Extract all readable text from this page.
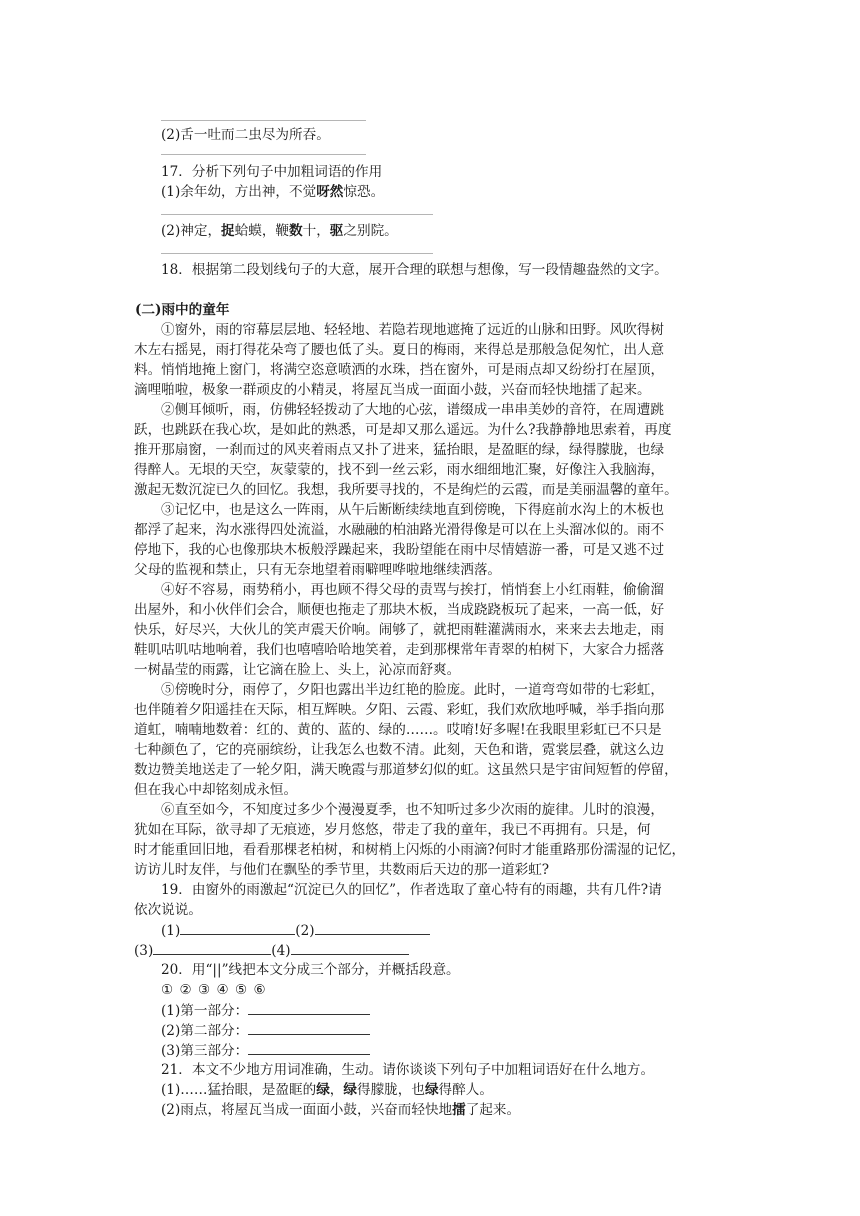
(2)舌一吐而二虫尽为所吞。
17．分析下列句子中加粗词语的作用
(1)余年幼，方出神，不觉呀然惊恐。
(2)神定，捉蛤蟆，鞭数十，驱之别院。
18．根据第二段划线句子的大意，展开合理的联想与想像，写一段情趣盎然的文字。
(二)雨中的童年
①窗外，雨的帘幕层层地、轻轻地、若隐若现地遮掩了远近的山脉和田野。风吹得树
木左右摇晃，雨打得花朵弯了腰也低了头。夏日的梅雨，来得总是那般急促匆忙，出人意
料。悄悄地掩上窗门，将满空恣意喷洒的水珠，挡在窗外，可是雨点却又纷纷打在屋顶，
滴哩啪啦，极象一群顽皮的小精灵，将屋瓦当成一面面小鼓，兴奋而轻快地擂了起来。
②侧耳倾听，雨，仿佛轻轻拨动了大地的心弦，谱缀成一串串美妙的音符，在周遭跳
跃，也跳跃在我心坎，是如此的熟悉，可是却又那么遥远。为什么?我静静地思索着，再度
推开那扇窗，一刹而过的风夹着雨点又扑了进来，猛抬眼，是盈眶的绿，绿得朦胧，也绿
得醉人。无垠的天空，灰蒙蒙的，找不到一丝云彩，雨水细细地汇聚，好像注入我脑海，
激起无数沉淀已久的回忆。我想，我所要寻找的，不是绚烂的云霞，而是美丽温馨的童年。
③记忆中，也是这么一阵雨，从午后断断续续地直到傍晚，下得庭前水沟上的木板也
都浮了起来，沟水涨得四处流溢，水融融的柏油路光滑得像是可以在上头溜冰似的。雨不
停地下，我的心也像那块木板般浮躁起来，我盼望能在雨中尽情嬉游一番，可是又逃不过
父母的监视和禁止，只有无奈地望着雨噼哩哗啦地继续洒落。
④好不容易，雨势稍小，再也顾不得父母的责骂与挨打，悄悄套上小红雨鞋，偷偷溜
出屋外，和小伙伴们会合，顺便也拖走了那块木板，当成跷跷板玩了起来，一高一低，好
快乐，好尽兴，大伙儿的笑声震天价响。闹够了，就把雨鞋灌满雨水，来来去去地走，雨
鞋叽咕叽咕地响着，我们也嘻嘻哈哈地笑着，走到那棵常年青翠的柏树下，大家合力摇落
一树晶莹的雨露，让它滴在脸上、头上，沁凉而舒爽。
⑤傍晚时分，雨停了，夕阳也露出半边红艳的脸庞。此时，一道弯弯如带的七彩虹，
也伴随着夕阳遥挂在天际，相互辉映。夕阳、云霞、彩虹，我们欢欣地呼喊，举手指向那
道虹，喃喃地数着：红的、黄的、蓝的、绿的……。哎唷!好多喔!在我眼里彩虹已不只是
七种颜色了，它的亮丽缤纷，让我怎么也数不清。此刻，天色和谐，霓裳层叠，就这么边
数边赞美地送走了一轮夕阳，满天晚霞与那道梦幻似的虹。这虽然只是宇宙间短暂的停留，
但在我心中却铭刻成永恒。
⑥直至如今，不知度过多少个漫漫夏季，也不知听过多少次雨的旋律。儿时的浪漫，
犹如在耳际，欲寻却了无痕迹，岁月悠悠，带走了我的童年，我已不再拥有。只是，何
时才能重回旧地，看看那棵老柏树，和树梢上闪烁的小雨滴?何时才能重路那份濡湿的记忆，
访访儿时友伴，与他们在飘坠的季节里，共数雨后天边的那一道彩虹?
19．由窗外的雨激起“沉淀已久的回忆”，作者选取了童心特有的雨趣，共有几件?请
依次说说。
(1)	(2)
(3)	(4)
20．用“||”线把本文分成三个部分，并概括段意。
① ② ③ ④ ⑤ ⑥
(1)第一部分：
(2)第二部分：
(3)第三部分：
21．本文不少地方用词准确，生动。请你谈谈下列句子中加粗词语好在什么地方。
(1)……猛抬眼，是盈眶的绿，绿得朦胧，也绿得醉人。
(2)雨点，将屋瓦当成一面面小鼓，兴奋而轻快地擂了起来。
